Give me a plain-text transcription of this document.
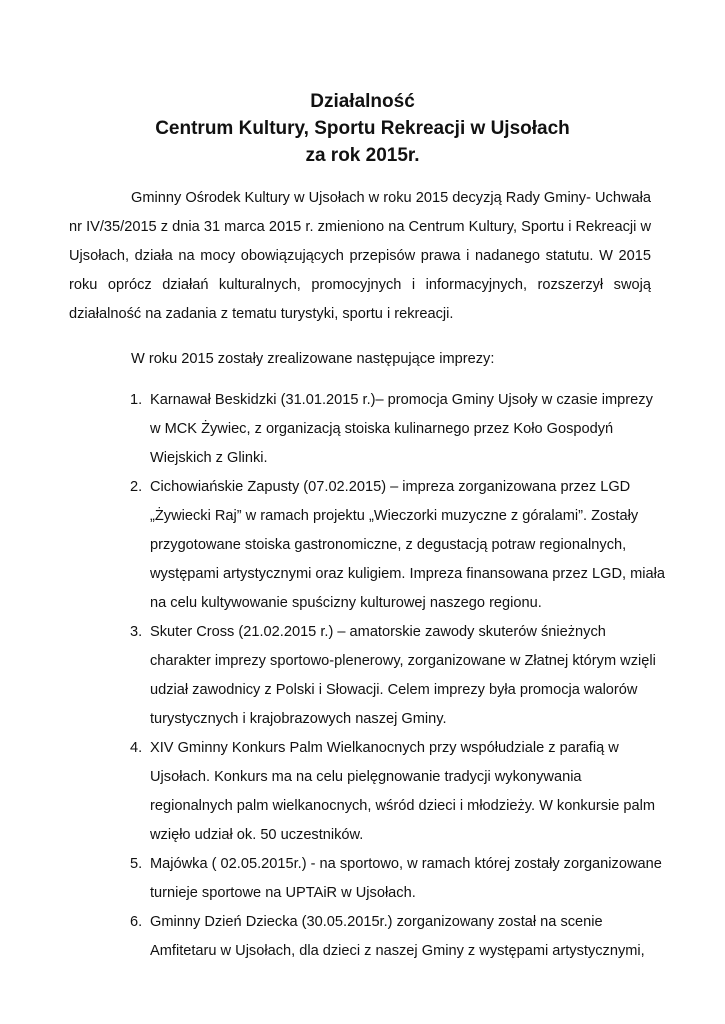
Działalność
Centrum Kultury, Sportu Rekreacji w Ujsołach
za rok 2015r.
Gminny Ośrodek Kultury w Ujsołach w roku 2015 decyzją Rady Gminy- Uchwała nr IV/35/2015 z dnia 31 marca 2015 r. zmieniono na Centrum Kultury, Sportu i Rekreacji w Ujsołach, działa na mocy obowiązujących przepisów prawa i nadanego statutu. W 2015 roku oprócz działań kulturalnych, promocyjnych i informacyjnych, rozszerzył swoją działalność na zadania z tematu turystyki, sportu i rekreacji.
W roku 2015 zostały zrealizowane następujące imprezy:
1. Karnawał Beskidzki (31.01.2015 r.)– promocja Gminy Ujsoły w czasie imprezy w MCK Żywiec, z organizacją stoiska kulinarnego przez Koło Gospodyń Wiejskich z Glinki.
2. Cichowiańskie Zapusty (07.02.2015) – impreza zorganizowana przez LGD „Żywiecki Raj” w ramach projektu „Wieczorki muzyczne z góralami”. Zostały przygotowane stoiska gastronomiczne, z degustacją potraw regionalnych, występami artystycznymi oraz kuligiem. Impreza finansowana przez LGD, miała na celu kultywowanie spuścizny kulturowej naszego regionu.
3. Skuter Cross (21.02.2015 r.) – amatorskie zawody skuterów śnieżnych charakter imprezy sportowo-plenerowy, zorganizowane w Złatnej którym wzięli udział zawodnicy z Polski i Słowacji. Celem imprezy była promocja walorów turystycznych i krajobrazowych naszej Gminy.
4. XIV Gminny Konkurs Palm Wielkanocnych przy współudziale z parafią w Ujsołach. Konkurs ma na celu pielęgnowanie tradycji wykonywania regionalnych palm wielkanocnych, wśród dzieci i młodzieży. W konkursie palm wzięło udział ok. 50 uczestników.
5. Majówka ( 02.05.2015r.) - na sportowo, w ramach której zostały zorganizowane turnieje sportowe na UPTAiR w Ujsołach.
6. Gminny Dzień Dziecka (30.05.2015r.) zorganizowany został na scenie Amfitetaru w Ujsołach, dla dzieci z naszej Gminy z występami artystycznymi,
